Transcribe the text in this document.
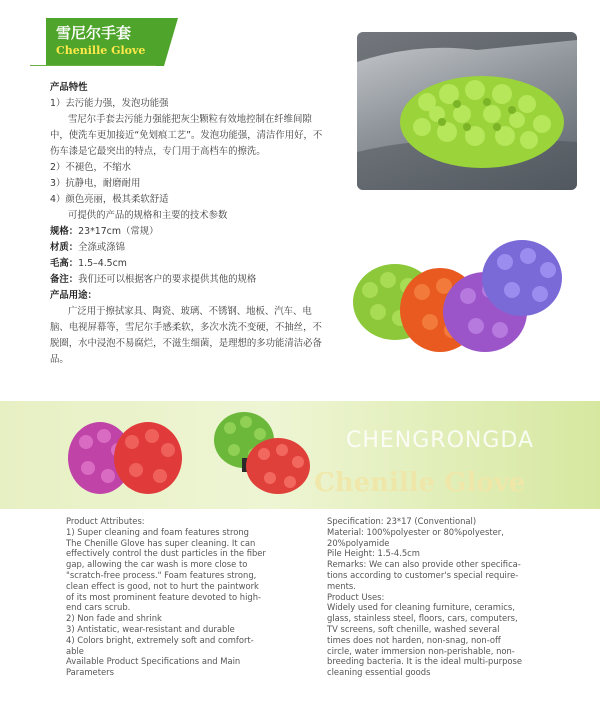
雪尼尔手套
Chenille Glove

产品特性

1）去污能力强，发泡功能强

雪尼尔手套去污能力强能把灰尘颗粒有效地控制在纤维间隙中，使洗车更加接近“免划痕工艺”。发泡功能强，清洁作用好，不伤车漆是它最突出的特点，专门用于高档车的擦洗。

2）不褪色，不缩水

3）抗静电，耐磨耐用

4）颜色亮丽，极其柔软舒适

可提供的产品的规格和主要的技术参数

规格：23*17cm（常规）

材质：全涤或涤锦

毛高：1.5–4.5cm

备注：我们还可以根据客户的要求提供其他的规格

产品用途：

广泛用于擦拭家具、陶瓷、玻璃、不锈钢、地板、汽车、电脑、电视屏幕等，雪尼尔手感柔软，多次水洗不变硬，不抽丝，不脱圈，水中浸泡不易腐烂，不滋生细菌，是理想的多功能清洁必备品。

CHENGRONGDA
Chenille Glove

Product Attributes:

1) Super cleaning and foam features strong

The Chenille Glove has super cleaning. It can

effectively control the dust particles in the fiber

gap, allowing the car wash is more close to

"scratch-free process." Foam features strong,

clean effect is good, not to hurt the paintwork

of its most prominent feature devoted to high-

end cars scrub.

2) Non fade and shrink

3) Antistatic, wear-resistant and durable

4) Colors bright, extremely soft and comfort-

able

Available Product Specifications and Main

Parameters

Specification: 23*17 (Conventional)

Material: 100%polyester or 80%polyester,

20%polyamide

Pile Height: 1.5-4.5cm

Remarks: We can also provide other specifica-

tions according to customer's special require-

ments.

Product Uses:

Widely used for cleaning furniture, ceramics,

glass, stainless steel, floors, cars, computers,

TV screens, soft chenille, washed several

times does not harden, non-snag, non-off

circle, water immersion non-perishable, non-

breeding bacteria. It is the ideal multi-purpose

cleaning essential goods
